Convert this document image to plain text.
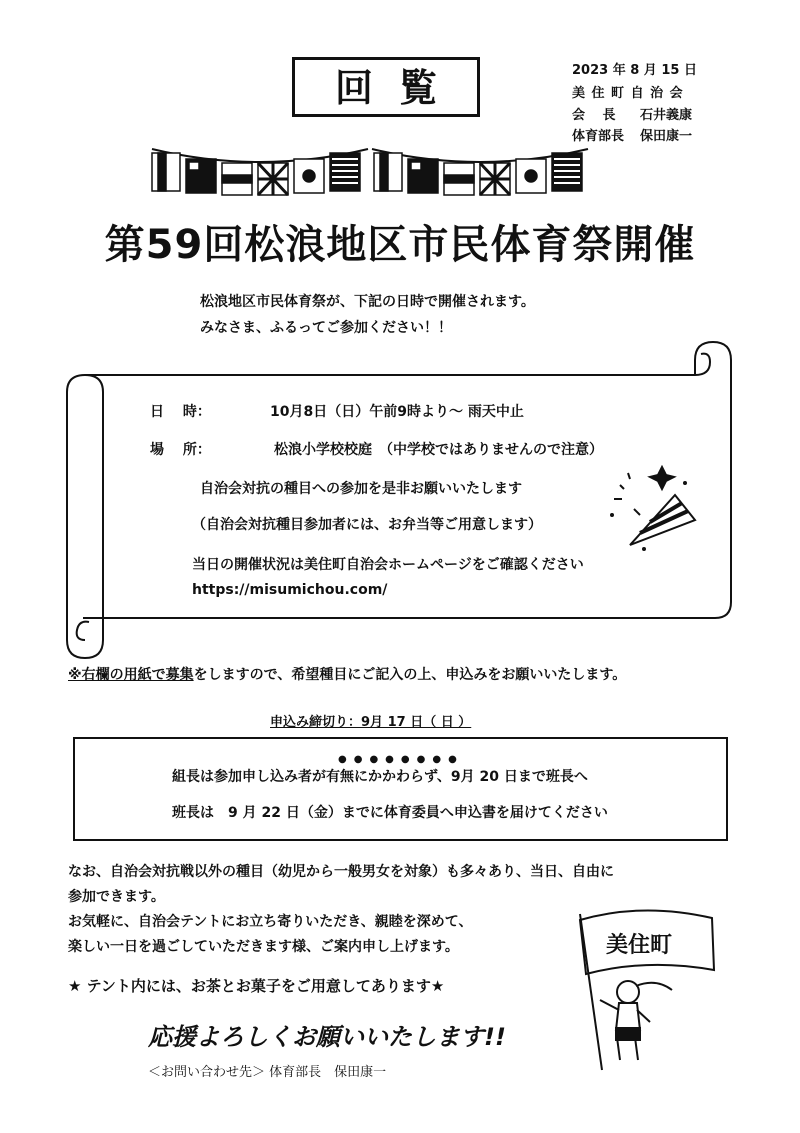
回覧	2023 年 8 月 15 日
美 住 町 自 治 会
会　 長 石井義康
体育部長 保田康一
第59回松浪地区市民体育祭開催
松浪地区市民体育祭が、下記の日時で開催されます。
みなさま、ふるってご参加ください！！
日　 時：	10月8日（日）午前9時より～ 雨天中止
場　 所：	松浪小学校校庭　（中学校ではありませんので注意）
自治会対抗の種目への参加を是非お願いいたします
（自治会対抗種目参加者には、お弁当等ご用意します）
当日の開催状況は美住町自治会ホームページをご確認ください
https://misumichou.com/
※右欄の用紙で募集をしますので、希望種目にご記入の上、申込みをお願いいたします。
申込み締切り：9月 17 日（ 日 ）
●●●●●●●●
組長は参加申し込み者が有無にかかわらず、9月 20 日まで班長へ
班長は　9 月 22 日（金）までに体育委員へ申込書を届けてください
なお、自治会対抗戦以外の種目（幼児から一般男女を対象）も多々あり、当日、自由に
参加できます。
お気軽に、自治会テントにお立ち寄りいただき、親睦を深めて、
楽しい一日を過ごしていただきます様、ご案内申し上げます。
★ テント内には、お茶とお菓子をご用意してあります★
応援よろしくお願いいたします!!
＜お問い合わせ先＞ 体育部長　保田康一
美住町
